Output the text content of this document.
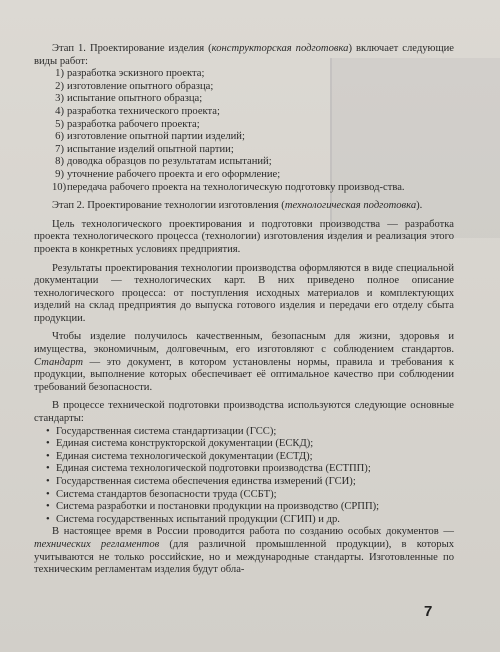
Этап 1. Проектирование изделия (конструкторская подготовка) включает следующие виды работ:

1) разработка эскизного проекта;
2) изготовление опытного образца;
3) испытание опытного образца;
4) разработка технического проекта;
5) разработка рабочего проекта;
6) изготовление опытной партии изделий;
7) испытание изделий опытной партии;
8) доводка образцов по результатам испытаний;
9) уточнение рабочего проекта и его оформление;
10)передача рабочего проекта на технологическую подготовку производ-ства.

Этап 2. Проектирование технологии изготовления (технологическая подготовка).

Цель технологического проектирования и подготовки производства — разработка проекта технологического процесса (технологии) изготовления изделия и реализация этого проекта в конкретных условиях предприятия.

Результаты проектирования технологии производства оформляются в виде специальной документации — технологических карт. В них приведено полное описание технологического процесса: от поступления исходных материалов и комплектующих изделий на склад предприятия до выпуска готового изделия и передачи его отделу сбыта продукции.

Чтобы изделие получилось качественным, безопасным для жизни, здоровья и имущества, экономичным, долговечным, его изготовляют с соблюдением стандартов. Стандарт — это документ, в котором установлены нормы, правила и требования к продукции, выполнение которых обеспечивает её оптимальное качество при соблюдении требований безопасности.

В процессе технической подготовки производства используются следующие основные стандарты:

• Государственная система стандартизации (ГСС);
• Единая система конструкторской документации (ЕСКД);
• Единая система технологической документации (ЕСТД);
• Единая система технологической подготовки производства (ЕСТПП);
• Государственная система обеспечения единства измерений (ГСИ);
• Система стандартов безопасности труда (ССБТ);
• Система разработки и постановки продукции на производство (СРПП);
• Система государственных испытаний продукции (СГИП) и др.

В настоящее время в России проводится работа по созданию особых документов — технических регламентов (для различной промышленной продукции), в которых учитываются не только российские, но и международные стандарты. Изготовленные по техническим регламентам изделия будут обла-

7
